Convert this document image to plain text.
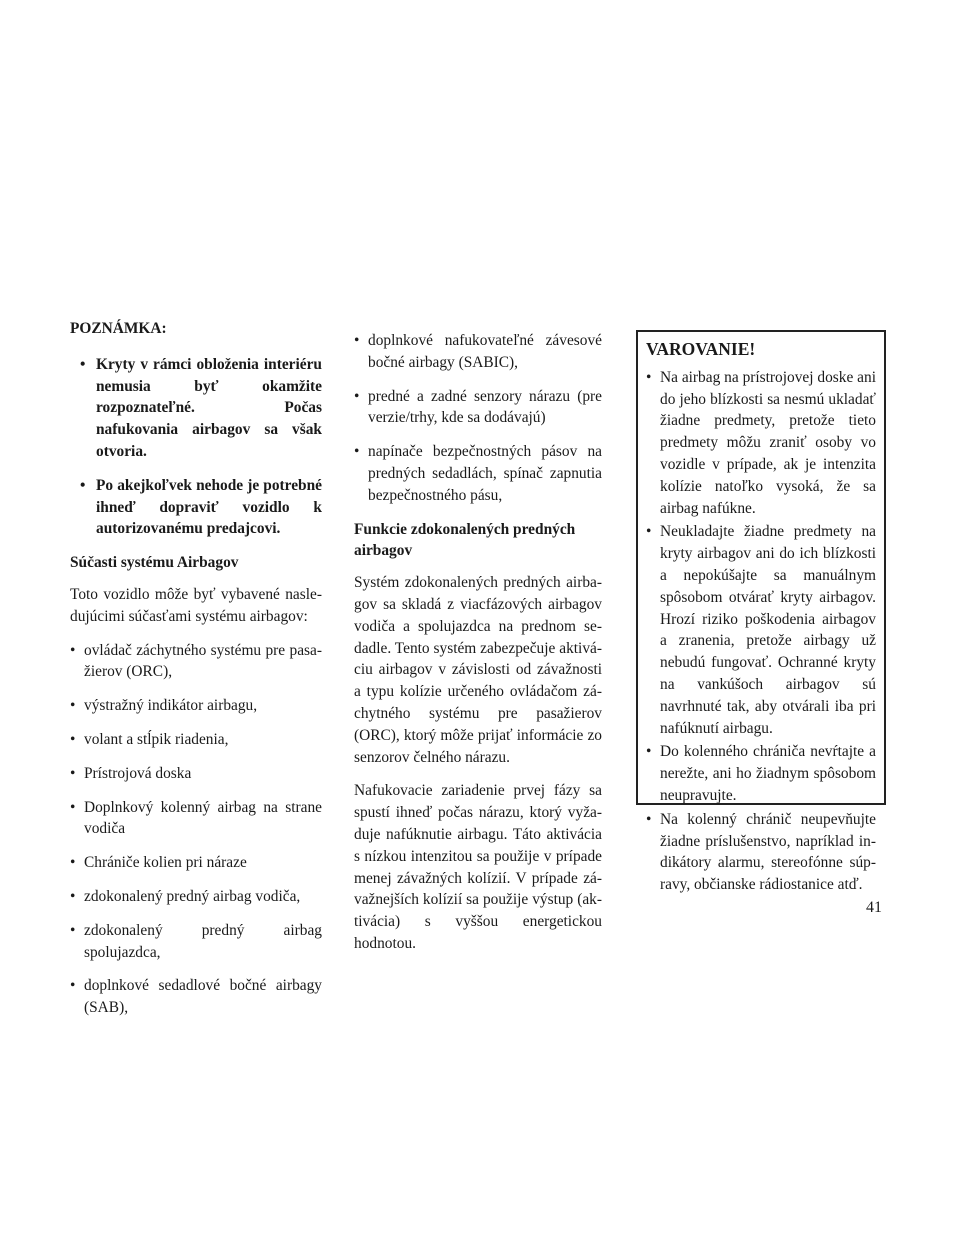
POZNÁMKA:
• Kryty v rámci obloženia interiéru nemusia byť okamžite rozpoznateľné. Počas nafukovania airbagov sa však otvoria.
• Po akejkoľvek nehode je potrebné ihneď dopraviť vozidlo k autorizovanému predajcovi.
Súčasti systému Airbagov

Toto vozidlo môže byť vybavené nasledujúcimi súčasťami systému airbagov:

• ovládač záchytného systému pre pasažierov (ORC),
• výstražný indikátor airbagu,
• volant a stĺpik riadenia,
• Prístrojová doska
• Doplnkový kolenný airbag na strane vodiča
• Chrániče kolien pri náraze
• zdokonalený predný airbag vodiča,
• zdokonalený predný airbag spolujazdca,
• doplnkové sedadlové bočné airbagy (SAB),
• doplnkové nafukovateľné závesové bočné airbagy (SABIC),
• predné a zadné senzory nárazu (pre verzie/trhy, kde sa dodávajú)
• napínače bezpečnostných pásov na predných sedadlách, spínač zapnutia bezpečnostného pásu,
Funkcie zdokonalených predných airbagov

Systém zdokonalených predných airbagov sa skladá z viacfázových airbagov vodiča a spolujazdca na prednom sedadle. Tento systém zabezpečuje aktiváciu airbagov v závislosti od závažnosti a typu kolízie určeného ovládačom záchytného systému pre pasažierov (ORC), ktorý môže prijať informácie zo senzorov čelného nárazu.

Nafukovacie zariadenie prvej fázy sa spustí ihneď počas nárazu, ktorý vyžaduje nafúknutie airbagu. Táto aktivácia s nízkou intenzitou sa použije v prípade menej závažných kolízií. V prípade závažnejších kolízií sa použije výstup (aktivácia) s vyššou energetickou hodnotou.

VAROVANIE!
• Na airbag na prístrojovej doske ani do jeho blízkosti sa nesmú ukladať žiadne predmety, pretože tieto predmety môžu zraniť osoby vo vozidle v prípade, ak je intenzita kolízie natoľko vysoká, že sa airbag nafúkne.
• Neukladajte žiadne predmety na kryty airbagov ani do ich blízkosti a nepokúšajte sa manuálnym spôsobom otvárať kryty airbagov. Hrozí riziko poškodenia airbagov a zranenia, pretože airbagy už nebudú fungovať. Ochranné kryty na vankúšoch airbagov sú navrhnuté tak, aby otvárali iba pri nafúknutí airbagu.
• Do kolenného chrániča nevŕtajte a nerežte, ani ho žiadnym spôsobom neupravujte.
• Na kolenný chránič neupevňujte žiadne príslušenstvo, napríklad indikátory alarmu, stereofónne súpravy, občianske rádiostanice atď.
41
